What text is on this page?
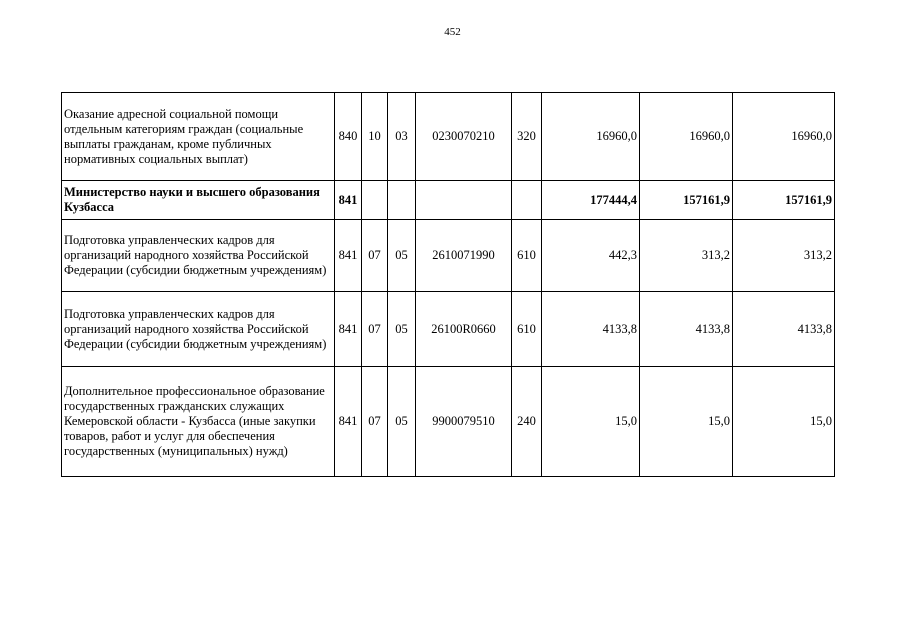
452
Оказание адресной социальной помощи отдельным категориям граждан (социальные выплаты гражданам, кроме публичных нормативных социальных выплат)	840	10	03	0230070210	320	16960,0	16960,0	16960,0
Министерство науки и высшего образования Кузбасса	841					177444,4	157161,9	157161,9
Подготовка управленческих кадров для организаций народного хозяйства Российской Федерации (субсидии бюджетным учреждениям)	841	07	05	2610071990	610	442,3	313,2	313,2
Подготовка управленческих кадров для организаций народного хозяйства Российской Федерации (субсидии бюджетным учреждениям)	841	07	05	26100R0660	610	4133,8	4133,8	4133,8
Дополнительное профессиональное образование государственных гражданских служащих Кемеровской области - Кузбасса (иные закупки товаров, работ и услуг для обеспечения государственных (муниципальных) нужд)	841	07	05	9900079510	240	15,0	15,0	15,0
